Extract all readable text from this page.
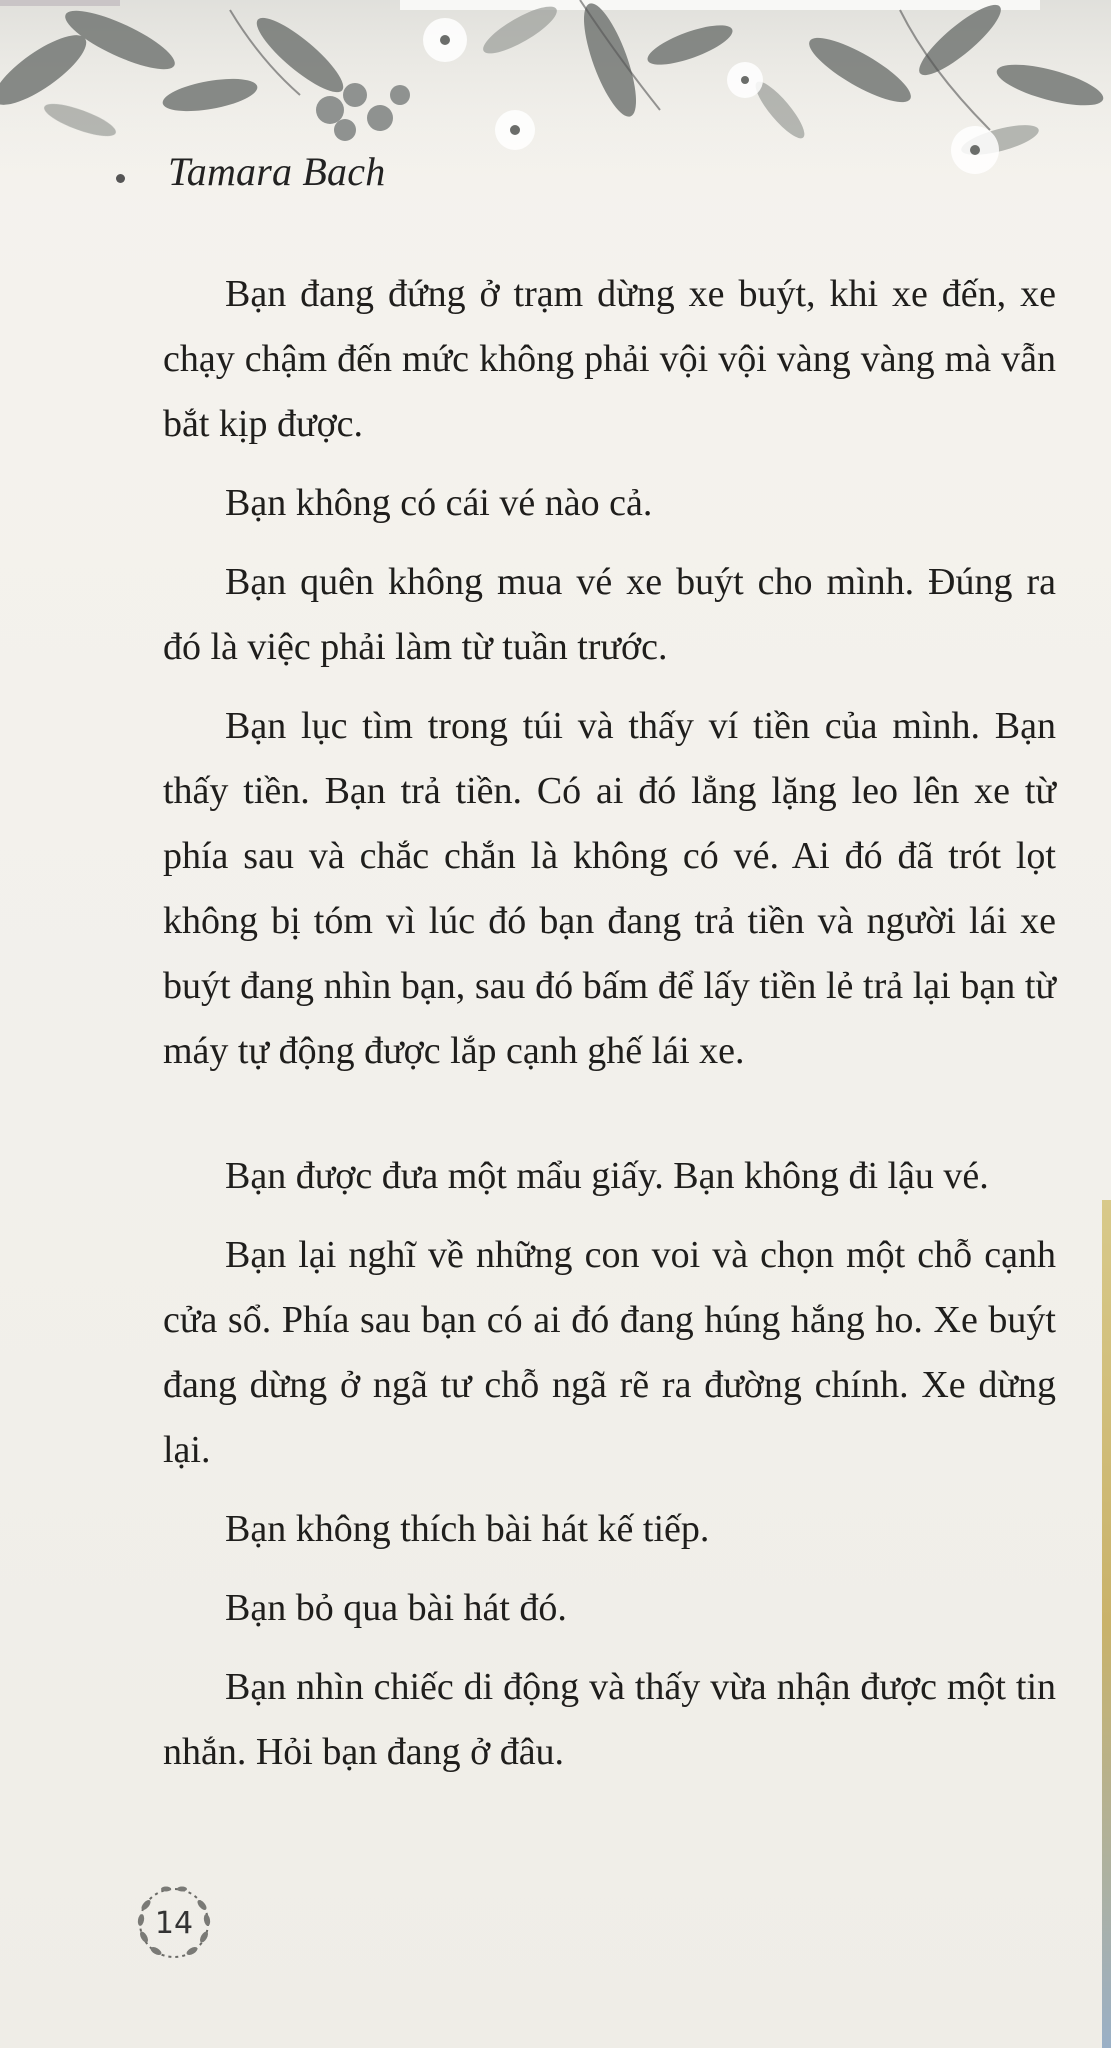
Tamara Bach

Bạn đang đứng ở trạm dừng xe buýt, khi xe đến, xe chạy chậm đến mức không phải vội vội vàng vàng mà vẫn bắt kịp được.

Bạn không có cái vé nào cả.

Bạn quên không mua vé xe buýt cho mình. Đúng ra đó là việc phải làm từ tuần trước.

Bạn lục tìm trong túi và thấy ví tiền của mình. Bạn thấy tiền. Bạn trả tiền. Có ai đó lẳng lặng leo lên xe từ phía sau và chắc chắn là không có vé. Ai đó đã trót lọt không bị tóm vì lúc đó bạn đang trả tiền và người lái xe buýt đang nhìn bạn, sau đó bấm để lấy tiền lẻ trả lại bạn từ máy tự động được lắp cạnh ghế lái xe.

Bạn được đưa một mẩu giấy. Bạn không đi lậu vé.

Bạn lại nghĩ về những con voi và chọn một chỗ cạnh cửa sổ. Phía sau bạn có ai đó đang húng hắng ho. Xe buýt đang dừng ở ngã tư chỗ ngã rẽ ra đường chính. Xe dừng lại.

Bạn không thích bài hát kế tiếp.

Bạn bỏ qua bài hát đó.

Bạn nhìn chiếc di động và thấy vừa nhận được một tin nhắn. Hỏi bạn đang ở đâu.

14
